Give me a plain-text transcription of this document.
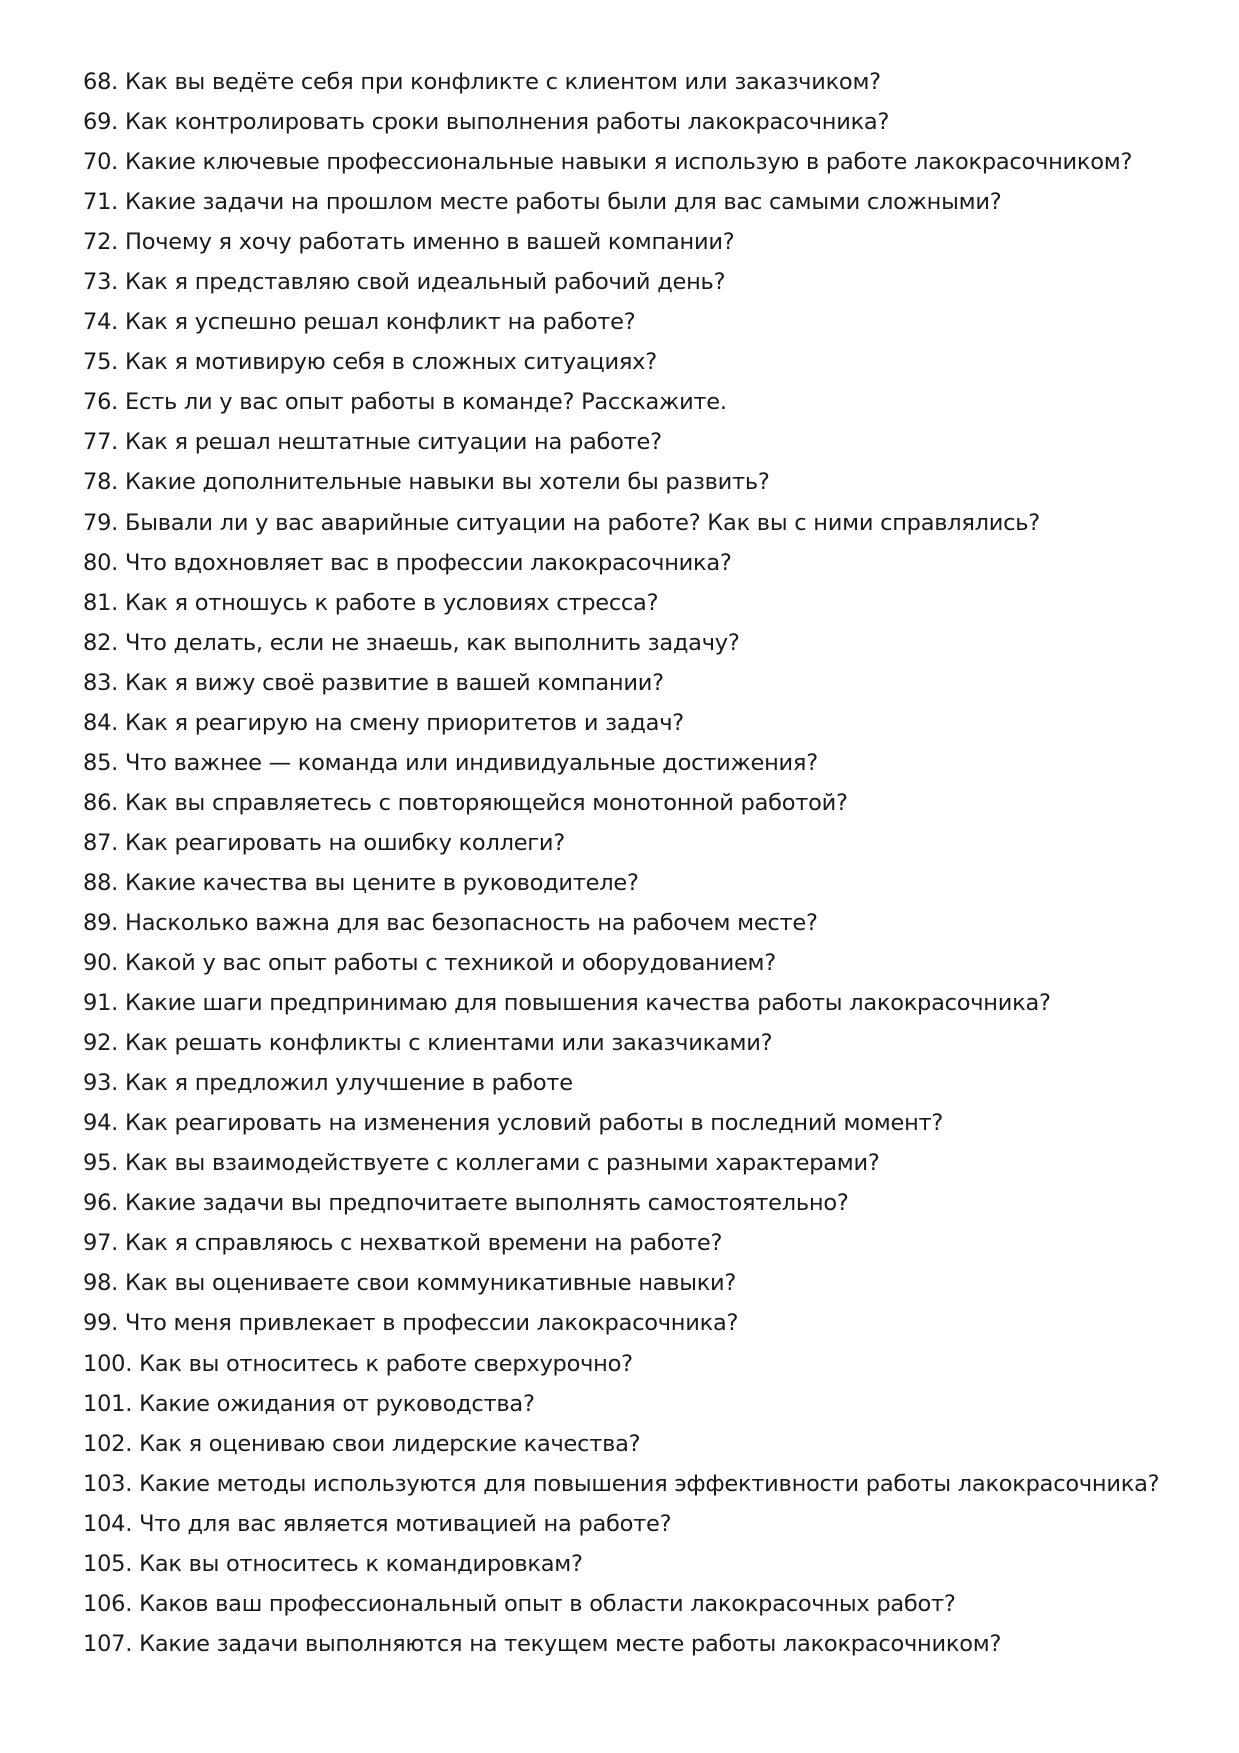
68. Как вы ведёте себя при конфликте с клиентом или заказчиком?
69. Как контролировать сроки выполнения работы лакокрасочника?
70. Какие ключевые профессиональные навыки я использую в работе лакокрасочником?
71. Какие задачи на прошлом месте работы были для вас самыми сложными?
72. Почему я хочу работать именно в вашей компании?
73. Как я представляю свой идеальный рабочий день?
74. Как я успешно решал конфликт на работе?
75. Как я мотивирую себя в сложных ситуациях?
76. Есть ли у вас опыт работы в команде? Расскажите.
77. Как я решал нештатные ситуации на работе?
78. Какие дополнительные навыки вы хотели бы развить?
79. Бывали ли у вас аварийные ситуации на работе? Как вы с ними справлялись?
80. Что вдохновляет вас в профессии лакокрасочника?
81. Как я отношусь к работе в условиях стресса?
82. Что делать, если не знаешь, как выполнить задачу?
83. Как я вижу своё развитие в вашей компании?
84. Как я реагирую на смену приоритетов и задач?
85. Что важнее — команда или индивидуальные достижения?
86. Как вы справляетесь с повторяющейся монотонной работой?
87. Как реагировать на ошибку коллеги?
88. Какие качества вы цените в руководителе?
89. Насколько важна для вас безопасность на рабочем месте?
90. Какой у вас опыт работы с техникой и оборудованием?
91. Какие шаги предпринимаю для повышения качества работы лакокрасочника?
92. Как решать конфликты с клиентами или заказчиками?
93. Как я предложил улучшение в работе
94. Как реагировать на изменения условий работы в последний момент?
95. Как вы взаимодействуете с коллегами с разными характерами?
96. Какие задачи вы предпочитаете выполнять самостоятельно?
97. Как я справляюсь с нехваткой времени на работе?
98. Как вы оцениваете свои коммуникативные навыки?
99. Что меня привлекает в профессии лакокрасочника?
100. Как вы относитесь к работе сверхурочно?
101. Какие ожидания от руководства?
102. Как я оцениваю свои лидерские качества?
103. Какие методы используются для повышения эффективности работы лакокрасочника?
104. Что для вас является мотивацией на работе?
105. Как вы относитесь к командировкам?
106. Каков ваш профессиональный опыт в области лакокрасочных работ?
107. Какие задачи выполняются на текущем месте работы лакокрасочником?
